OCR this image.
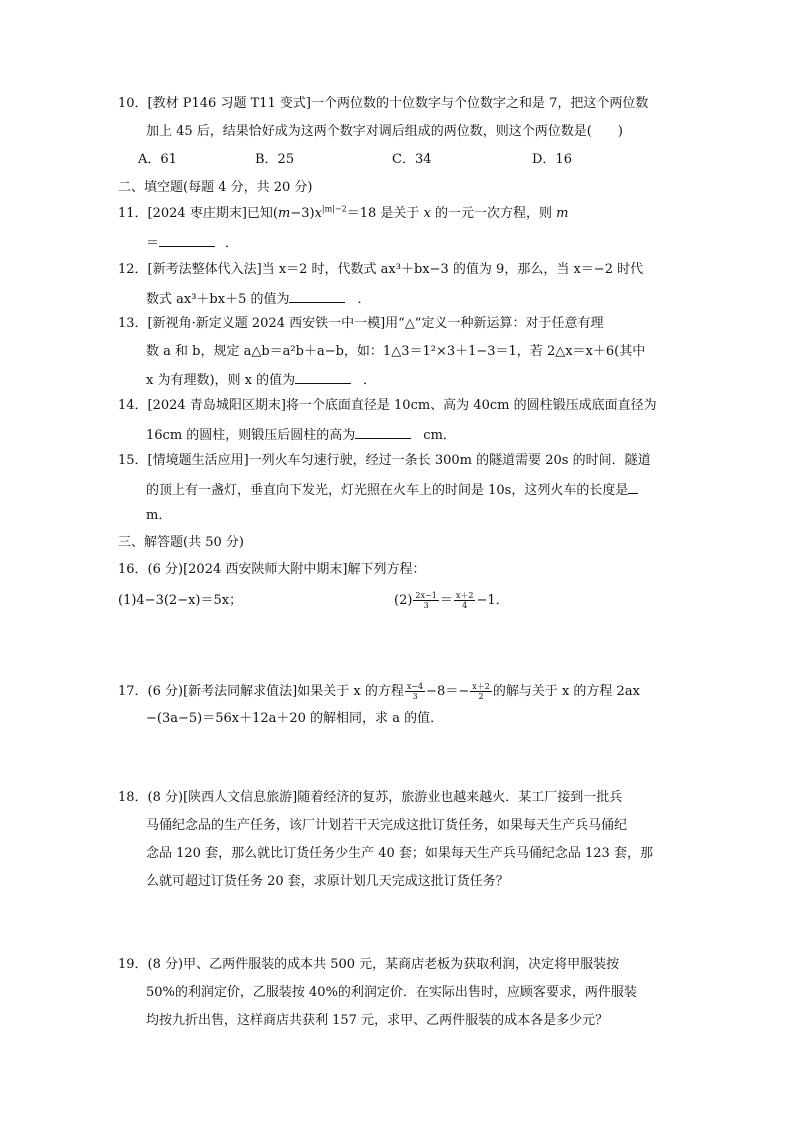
10．[教材 P146 习题 T11 变式]一个两位数的十位数字与个位数字之和是 7，把这个两位数
加上 45 后，结果恰好成为这两个数字对调后组成的两位数，则这个两位数是(　　)
A．61	B．25	C．34	D．16
二、填空题(每题 4 分，共 20 分)
11．[2024 枣庄期末]已知$(m-3)x^{|m|-2}=18$ 是关于 x 的一元一次方程，则 m
＝	．
12．[新考法整体代入法]当 x＝2 时，代数式 ax³＋bx−3 的值为 9，那么，当 x＝−2 时代
数式 ax³＋bx＋5 的值为	．
13．[新视角·新定义题 2024 西安铁一中一模]用“△”定义一种新运算：对于任意有理
数 a 和 b，规定 a△b＝a²b＋a−b，如：1△3＝1²×3＋1−3＝1，若 2△x＝x＋6(其中
x 为有理数)，则 x 的值为	．
14．[2024 青岛城阳区期末]将一个底面直径是 10cm、高为 40cm 的圆柱锻压成底面直径为
16cm 的圆柱，则锻压后圆柱的高为	cm．
15．[情境题生活应用]一列火车匀速行驶，经过一条长 300m 的隧道需要 20s 的时间．隧道
的顶上有一盏灯，垂直向下发光，灯光照在火车上的时间是 10s，这列火车的长度是
m．
三、解答题(共 50 分)
16．(6 分)[2024 西安陕师大附中期末]解下列方程：
(1)4−3(2−x)＝5x；	$(2) \frac{2x-1}{3} = \frac{x+2}{4} -1$．
17．(6 分)[新考法同解求值法]如果关于 x 的方程 $\frac{x-4}{3} -8=- \frac{x+2}{2}$ 的解与关于 x 的方程 2ax
−(3a−5)＝56x＋12a＋20 的解相同，求 a 的值．
18．(8 分)[陕西人文信息旅游]随着经济的复苏，旅游业也越来越火．某工厂接到一批兵
马俑纪念品的生产任务，该厂计划若干天完成这批订货任务，如果每天生产兵马俑纪
念品 120 套，那么就比订货任务少生产 40 套；如果每天生产兵马俑纪念品 123 套，那
么就可超过订货任务 20 套，求原计划几天完成这批订货任务？
19．(8 分)甲、乙两件服装的成本共 500 元，某商店老板为获取利润，决定将甲服装按
50%的利润定价，乙服装按 40%的利润定价．在实际出售时，应顾客要求，两件服装
均按九折出售，这样商店共获利 157 元，求甲、乙两件服装的成本各是多少元？
